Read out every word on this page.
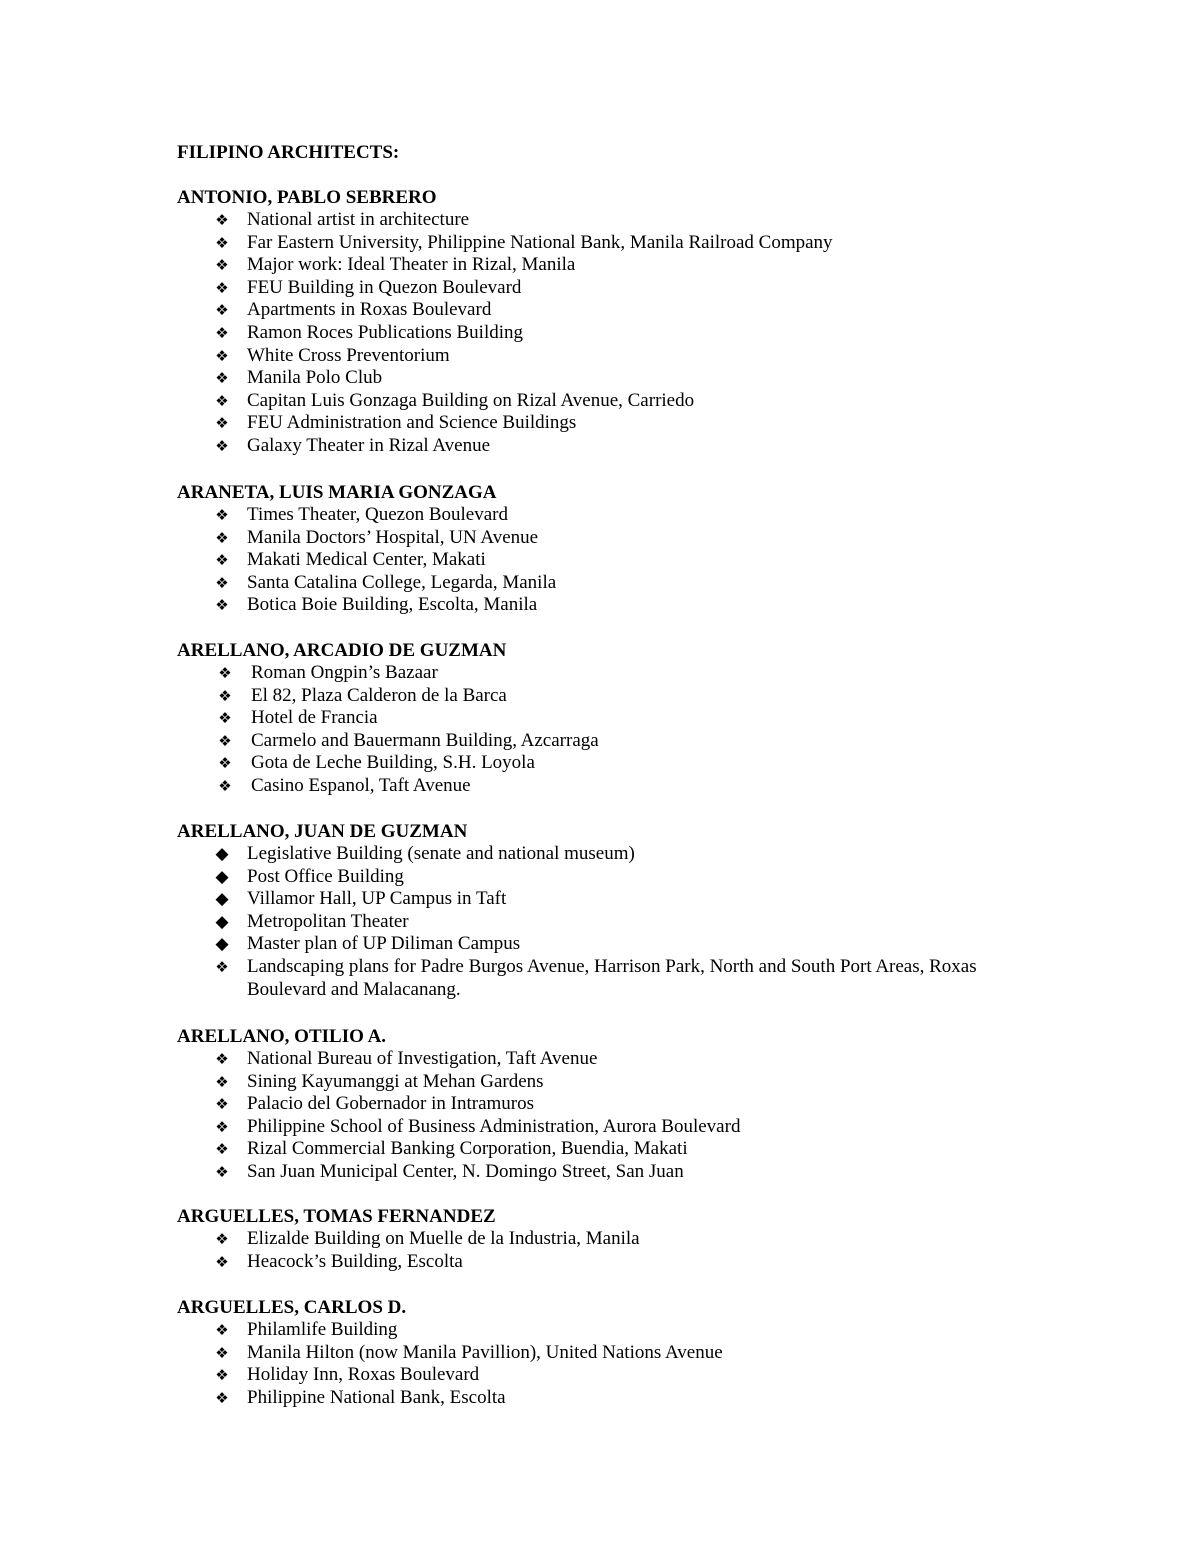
FILIPINO ARCHITECTS:
ANTONIO, PABLO SEBRERO
❖ National artist in architecture
❖ Far Eastern University, Philippine National Bank, Manila Railroad Company
❖ Major work: Ideal Theater in Rizal, Manila
❖ FEU Building in Quezon Boulevard
❖ Apartments in Roxas Boulevard
❖ Ramon Roces Publications Building
❖ White Cross Preventorium
❖ Manila Polo Club
❖ Capitan Luis Gonzaga Building on Rizal Avenue, Carriedo
❖ FEU Administration and Science Buildings
❖ Galaxy Theater in Rizal Avenue
ARANETA, LUIS MARIA GONZAGA
❖ Times Theater, Quezon Boulevard
❖ Manila Doctors’ Hospital, UN Avenue
❖ Makati Medical Center, Makati
❖ Santa Catalina College, Legarda, Manila
❖ Botica Boie Building, Escolta, Manila
ARELLANO, ARCADIO DE GUZMAN
❖ Roman Ongpin’s Bazaar
❖ El 82, Plaza Calderon de la Barca
❖ Hotel de Francia
❖ Carmelo and Bauermann Building, Azcarraga
❖ Gota de Leche Building, S.H. Loyola
❖ Casino Espanol, Taft Avenue
ARELLANO, JUAN DE GUZMAN
◆ Legislative Building (senate and national museum)
◆ Post Office Building
◆ Villamor Hall, UP Campus in Taft
◆ Metropolitan Theater
◆ Master plan of UP Diliman Campus
❖ Landscaping plans for Padre Burgos Avenue, Harrison Park, North and South Port Areas, Roxas Boulevard and Malacanang.
ARELLANO, OTILIO A.
❖ National Bureau of Investigation, Taft Avenue
❖ Sining Kayumanggi at Mehan Gardens
❖ Palacio del Gobernador in Intramuros
❖ Philippine School of Business Administration, Aurora Boulevard
❖ Rizal Commercial Banking Corporation, Buendia, Makati
❖ San Juan Municipal Center, N. Domingo Street, San Juan
ARGUELLES, TOMAS FERNANDEZ
❖ Elizalde Building on Muelle de la Industria, Manila
❖ Heacock’s Building, Escolta
ARGUELLES, CARLOS D.
❖ Philamlife Building
❖ Manila Hilton (now Manila Pavillion), United Nations Avenue
❖ Holiday Inn, Roxas Boulevard
❖ Philippine National Bank, Escolta
